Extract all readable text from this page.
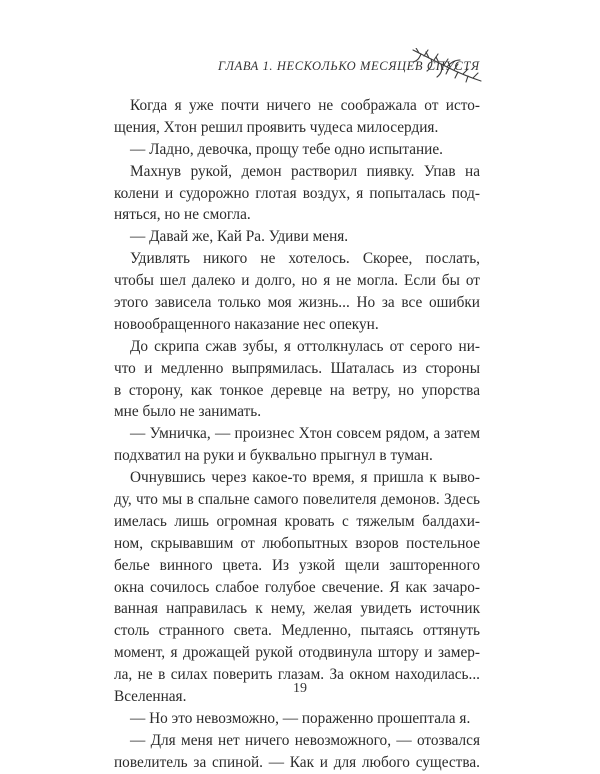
ГЛАВА 1. НЕСКОЛЬКО МЕСЯЦЕВ СПУСТЯ
Когда я уже почти ничего не соображала от исто-
щения, Хтон решил проявить чудеса милосердия.
— Ладно, девочка, прощу тебе одно испытание.
Махнув рукой, демон растворил пиявку. Упав на
колени и судорожно глотая воздух, я попыталась под-
няться, но не смогла.
— Давай же, Кай Ра. Удиви меня.
Удивлять никого не хотелось. Скорее, послать,
чтобы шел далеко и долго, но я не могла. Если бы от
этого зависела только моя жизнь... Но за все ошибки
новообращенного наказание нес опекун.
До скрипа сжав зубы, я оттолкнулась от серого ни-
что и медленно выпрямилась. Шаталась из стороны
в сторону, как тонкое деревце на ветру, но упорства
мне было не занимать.
— Умничка, — произнес Хтон совсем рядом, а затем
подхватил на руки и буквально прыгнул в туман.
Очнувшись через какое-то время, я пришла к выво-
ду, что мы в спальне самого повелителя демонов. Здесь
имелась лишь огромная кровать с тяжелым балдахи-
ном, скрывавшим от любопытных взоров постельное
белье винного цвета. Из узкой щели зашторенного
окна сочилось слабое голубое свечение. Я как зачаро-
ванная направилась к нему, желая увидеть источник
столь странного света. Медленно, пытаясь оттянуть
момент, я дрожащей рукой отодвинула штору и замер-
ла, не в силах поверить глазам. За окном находилась...
Вселенная.
— Но это невозможно, — пораженно прошептала я.
— Для меня нет ничего невозможного, — отозвался
повелитель за спиной. — Как и для любого существа.
19
